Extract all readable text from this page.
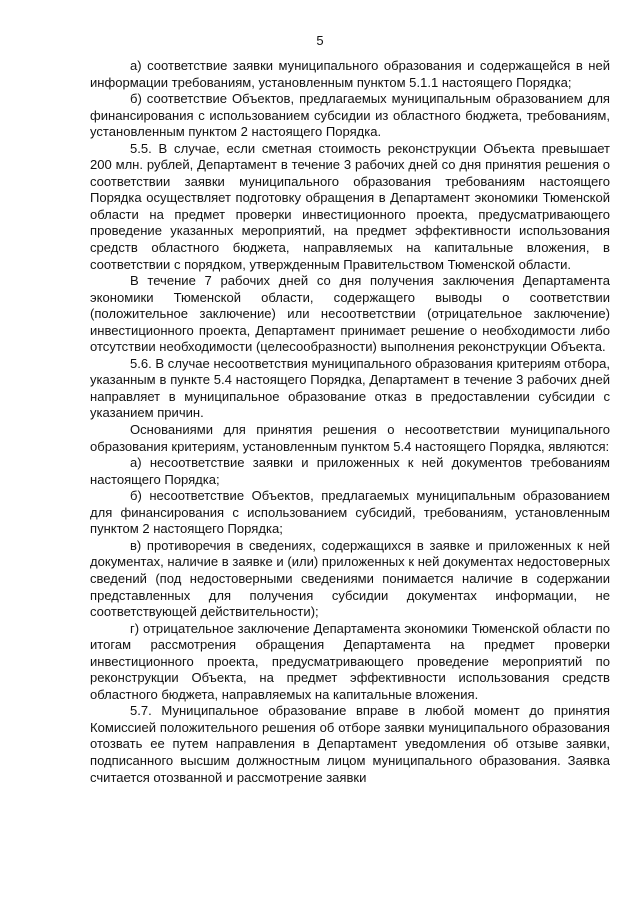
5

а) соответствие заявки муниципального образования и содержащейся в ней информации требованиям, установленным пунктом 5.1.1 настоящего Порядка;

б) соответствие Объектов, предлагаемых муниципальным образованием для финансирования с использованием субсидии из областного бюджета, требованиям, установленным пунктом 2 настоящего Порядка.

5.5. В случае, если сметная стоимость реконструкции Объекта превышает 200 млн. рублей, Департамент в течение 3 рабочих дней со дня принятия решения о соответствии заявки муниципального образования требованиям настоящего Порядка осуществляет подготовку обращения в Департамент экономики Тюменской области на предмет проверки инвестиционного проекта, предусматривающего проведение указанных мероприятий, на предмет эффективности использования средств областного бюджета, направляемых на капитальные вложения, в соответствии с порядком, утвержденным Правительством Тюменской области.

В течение 7 рабочих дней со дня получения заключения Департамента экономики Тюменской области, содержащего выводы о соответствии (положительное заключение) или несоответствии (отрицательное заключение) инвестиционного проекта, Департамент принимает решение о необходимости либо отсутствии необходимости (целесообразности) выполнения реконструкции Объекта.

5.6. В случае несоответствия муниципального образования критериям отбора, указанным в пункте 5.4 настоящего Порядка, Департамент в течение 3 рабочих дней направляет в муниципальное образование отказ в предоставлении субсидии с указанием причин.

Основаниями для принятия решения о несоответствии муниципального образования критериям, установленным пунктом 5.4 настоящего Порядка, являются:

а) несоответствие заявки и приложенных к ней документов требованиям настоящего Порядка;

б) несоответствие Объектов, предлагаемых муниципальным образованием для финансирования с использованием субсидий, требованиям, установленным пунктом 2 настоящего Порядка;

в) противоречия в сведениях, содержащихся в заявке и приложенных к ней документах, наличие в заявке и (или) приложенных к ней документах недостоверных сведений (под недостоверными сведениями понимается наличие в содержании представленных для получения субсидии документах информации, не соответствующей действительности);

г) отрицательное заключение Департамента экономики Тюменской области по итогам рассмотрения обращения Департамента на предмет проверки инвестиционного проекта, предусматривающего проведение мероприятий по реконструкции Объекта, на предмет эффективности использования средств областного бюджета, направляемых на капитальные вложения.

5.7. Муниципальное образование вправе в любой момент до принятия Комиссией положительного решения об отборе заявки муниципального образования отозвать ее путем направления в Департамент уведомления об отзыве заявки, подписанного высшим должностным лицом муниципального образования. Заявка считается отозванной и рассмотрение заявки
